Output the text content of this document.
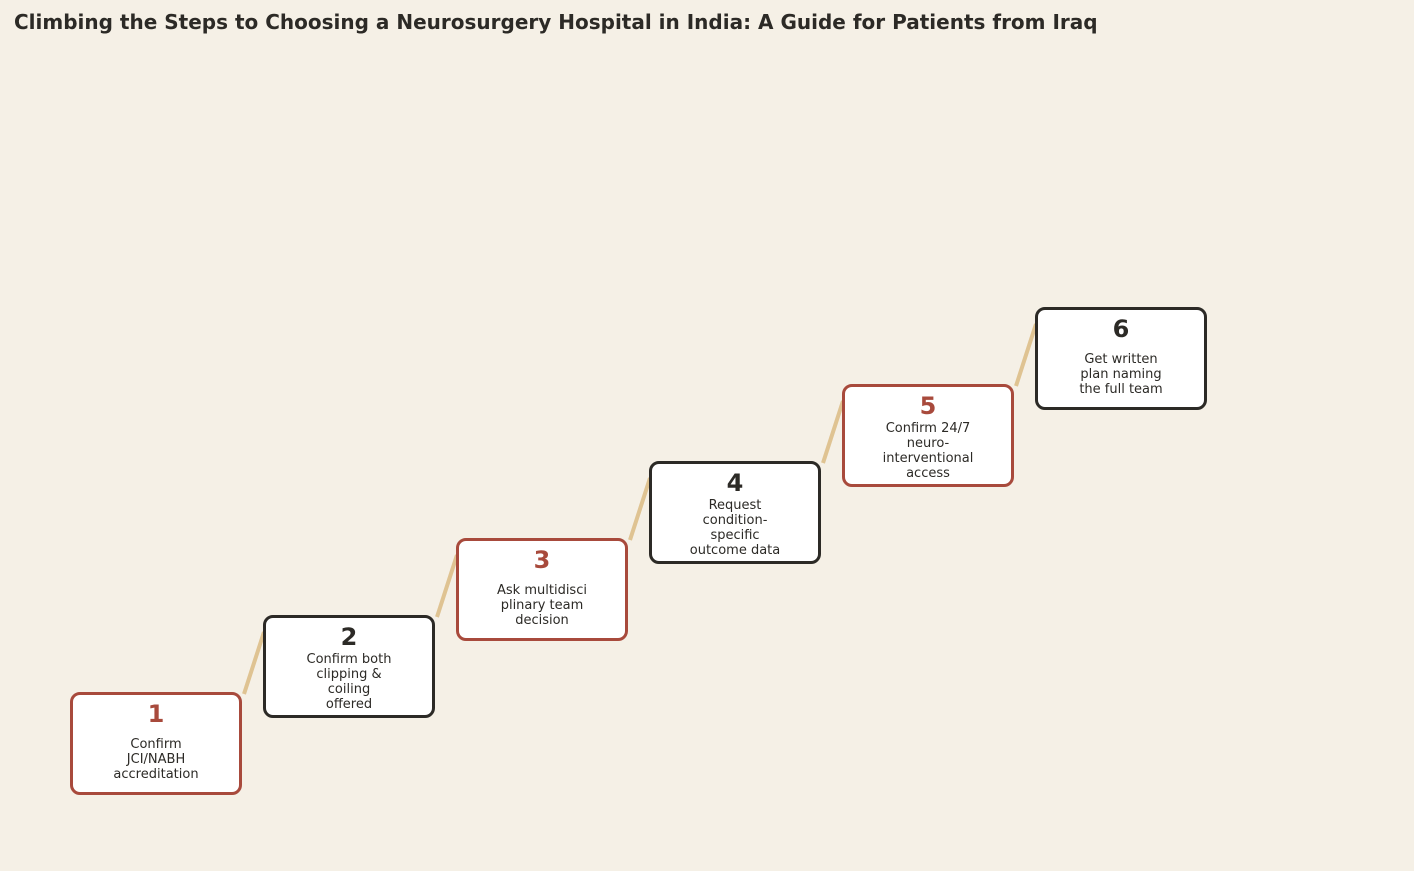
Climbing the Steps to Choosing a Neurosurgery Hospital in India: A Guide for Patients from Iraq
1
Confirm
JCI/NABH
accreditation
2
Confirm both
clipping &
coiling
offered
3
Ask multidisci
plinary team
decision
4
Request
condition-
specific
outcome data
5
Confirm 24/7
neuro-
interventional
access
6
Get written
plan naming
the full team
